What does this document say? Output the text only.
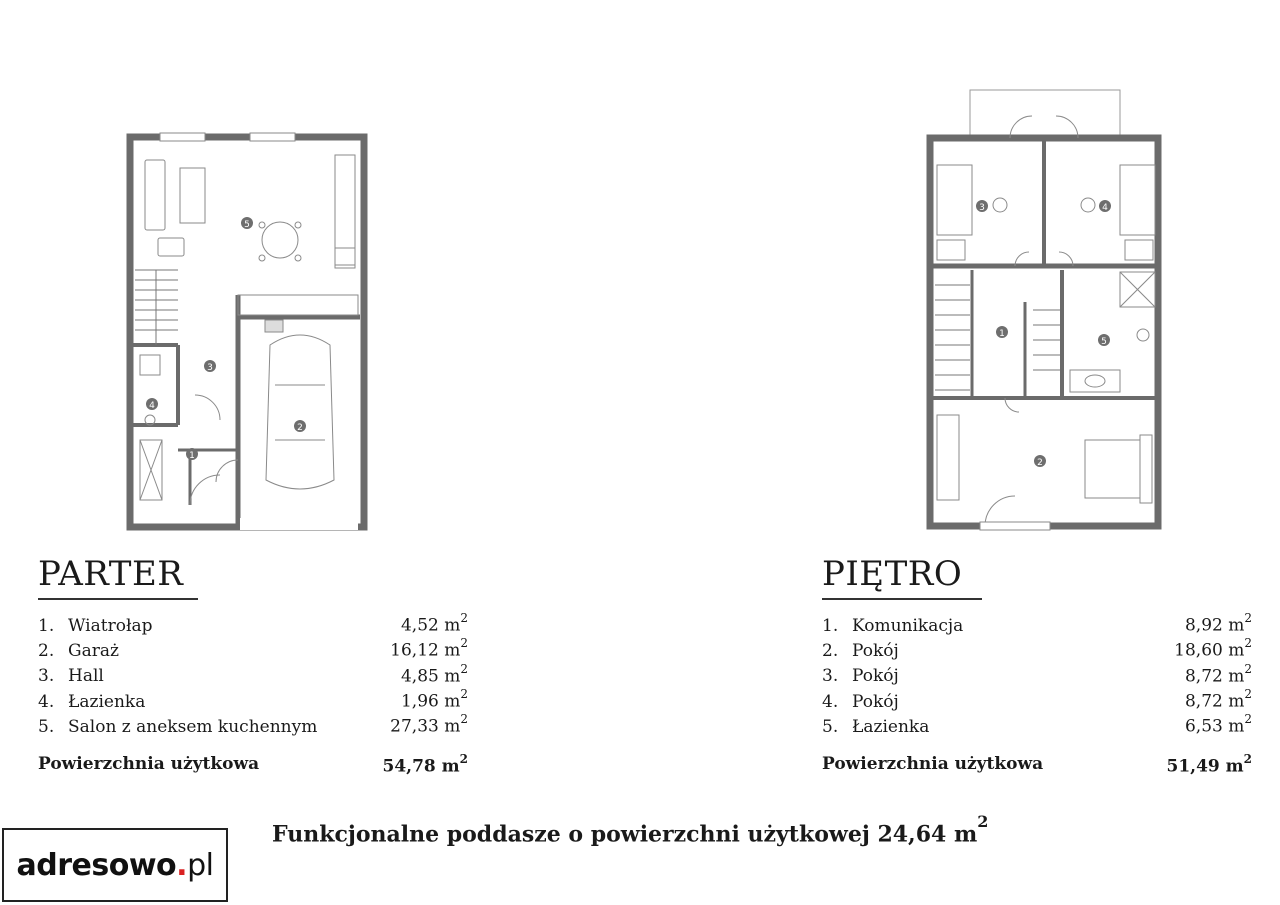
1
2
3
4
5
1
2
3	4
5
PARTER
1. Wiatrołap	4,52 $m^2$
2. Garaż	16,12 $m^2$
3. Hall	4,85 $m^2$
4. Łazienka	1,96 $m^2$
5. Salon z aneksem kuchennym	27,33 $m^2$
Powierzchnia użytkowa	54,78 $m^2$
PIĘTRO
1. Komunikacja	8,92 $m^2$
2. Pokój	18,60 $m^2$
3. Pokój	8,72 $m^2$
4. Pokój	8,72 $m^2$
5. Łazienka	6,53 $m^2$
Powierzchnia użytkowa	51,49 $m^2$
Funkcjonalne poddasze o powierzchni użytkowej 24,64 $m^2$
adresowo.pl
